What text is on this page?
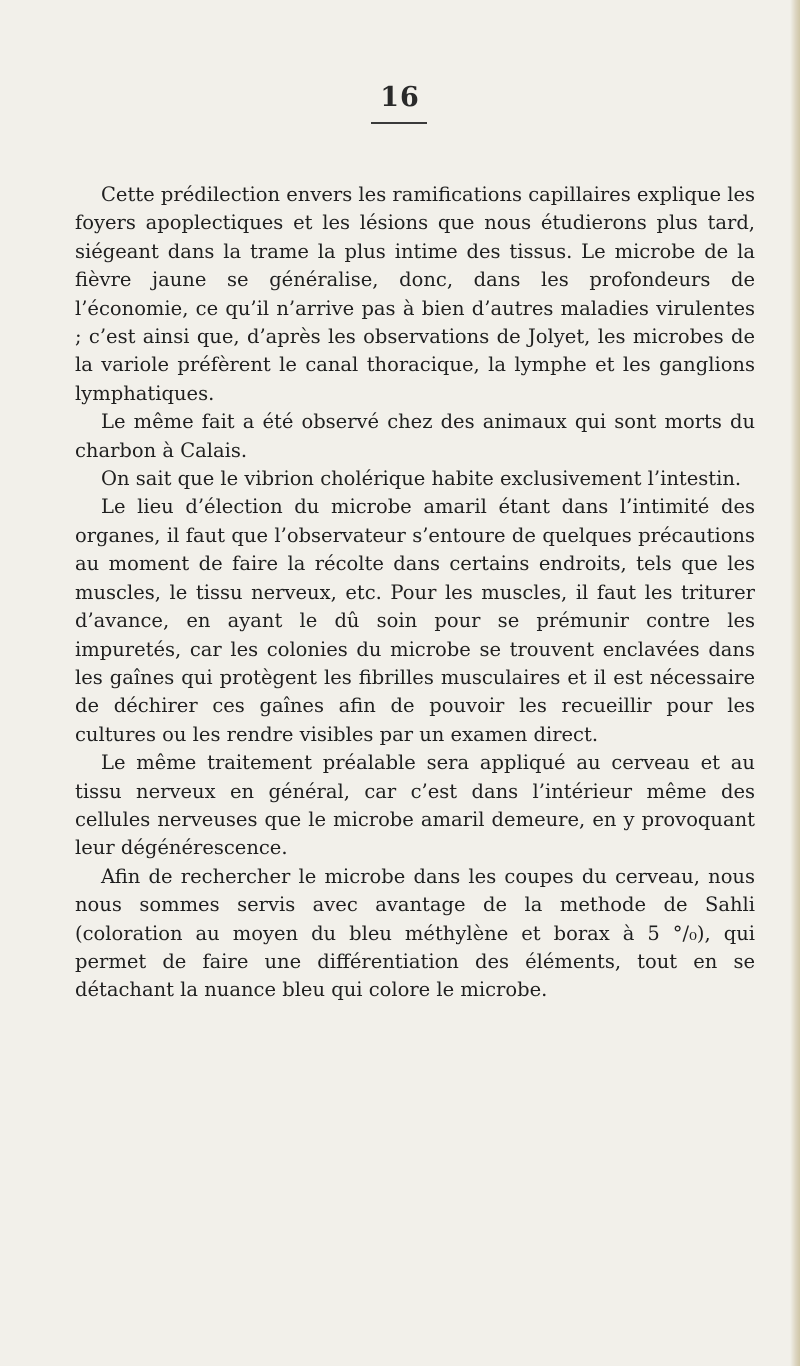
16

Cette prédilection envers les ramifications capillaires explique les foyers apoplectiques et les lésions que nous étudierons plus tard, siégeant dans la trame la plus intime des tissus. Le microbe de la fièvre jaune se généralise, donc, dans les profondeurs de l’économie, ce qu’il n’arrive pas à bien d’autres maladies virulentes ; c’est ainsi que, d’après les observations de Jolyet, les microbes de la variole préfèrent le canal thoracique, la lymphe et les ganglions lymphatiques.

Le même fait a été observé chez des animaux qui sont morts du charbon à Calais.

On sait que le vibrion cholérique habite exclusivement l’intestin.

Le lieu d’élection du microbe amaril étant dans l’intimité des organes, il faut que l’observateur s’entoure de quelques précautions au moment de faire la récolte dans certains endroits, tels que les muscles, le tissu nerveux, etc. Pour les muscles, il faut les triturer d’avance, en ayant le dû soin pour se prémunir contre les impuretés, car les colonies du microbe se trouvent enclavées dans les gaînes qui protègent les fibrilles musculaires et il est nécessaire de déchirer ces gaînes afin de pouvoir les recueillir pour les cultures ou les rendre visibles par un examen direct.

Le même traitement préalable sera appliqué au cerveau et au tissu nerveux en général, car c’est dans l’intérieur même des cellules nerveuses que le microbe amaril demeure, en y provoquant leur dégénérescence.

Afin de rechercher le microbe dans les coupes du cerveau, nous nous sommes servis avec avantage de la methode de Sahli (coloration au moyen du bleu méthylène et borax à 5 °/₀), qui permet de faire une différentiation des éléments, tout en se détachant la nuance bleu qui colore le microbe.
